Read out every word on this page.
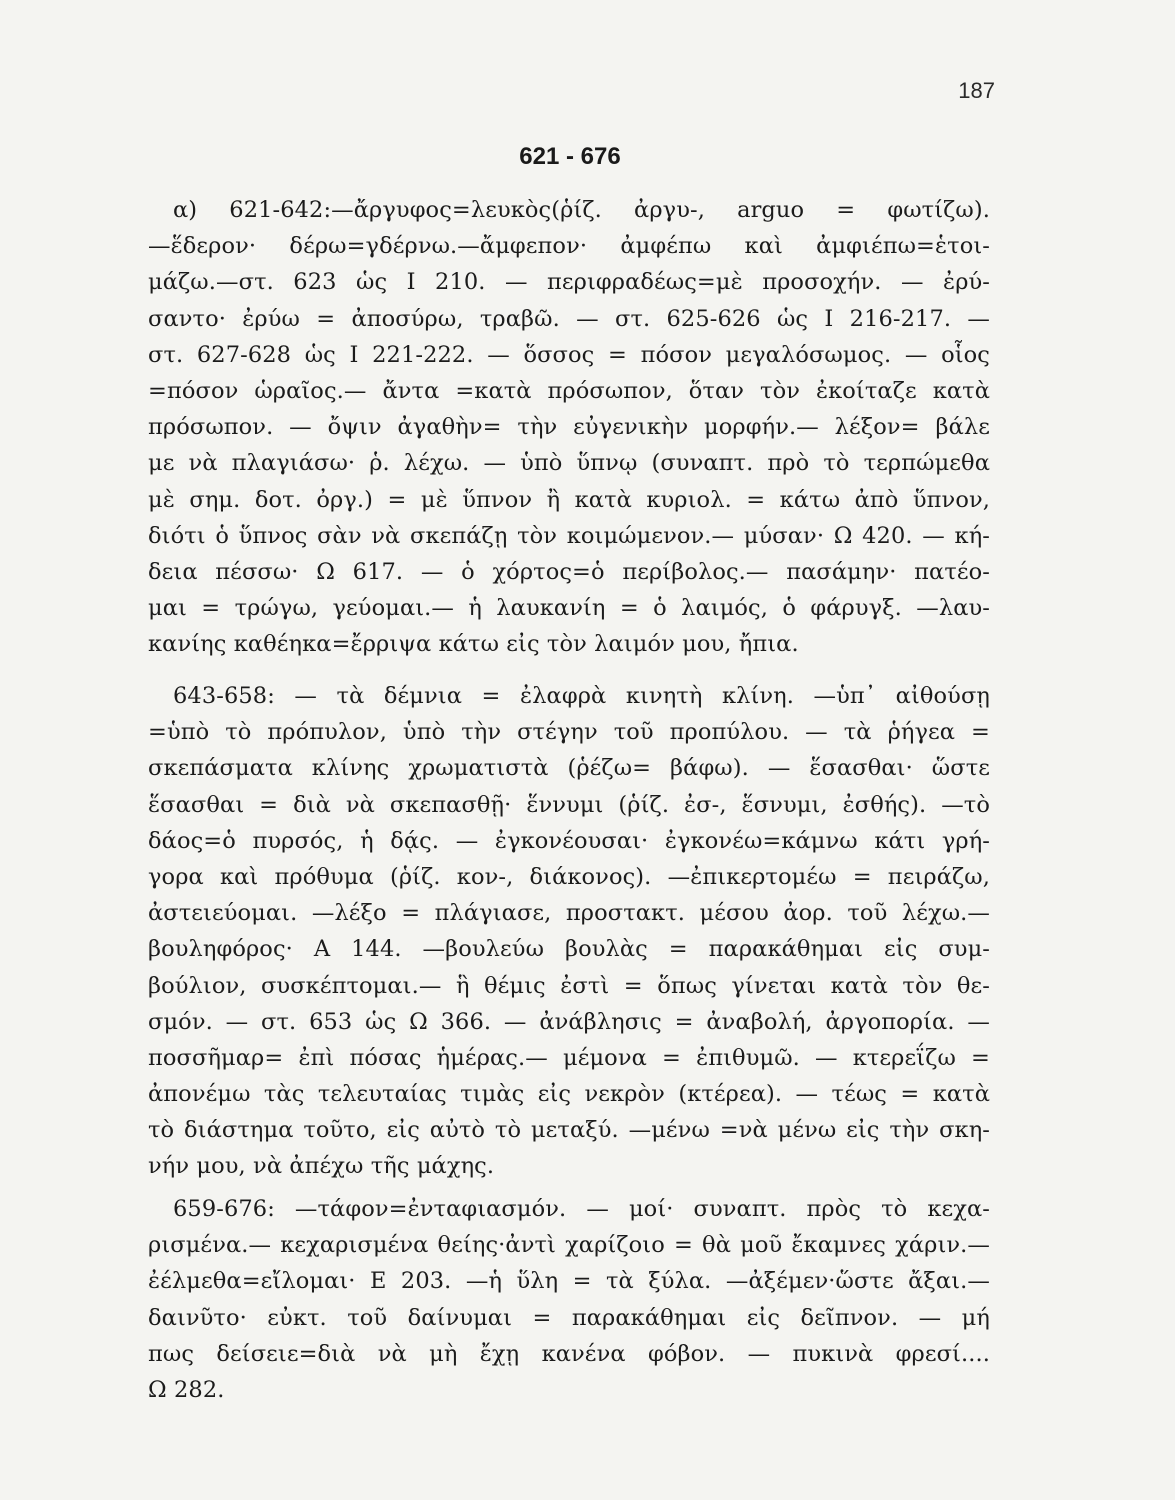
187
621 - 676
α) 621-642:—ἄργυφος=λευκὸς(ῥίζ. ἀργυ-, arguo = φωτίζω).
—ἕδερον· δέρω=γδέρνω.—ἄμφεπον· ἀμφέπω καὶ ἀμφιέπω=ἑτοι-
μάζω.—στ. 623 ὡς Ι 210. — περιφραδέως=μὲ προσοχήν. — ἐρύ-
σαντο· ἐρύω = ἀποσύρω, τραβῶ. — στ. 625-626 ὡς Ι 216-217. —
στ. 627-628 ὡς Ι 221-222. — ὅσσος = πόσον μεγαλόσωμος. — οἷος
=πόσον ὡραῖος.— ἄντα =κατὰ πρόσωπον, ὅταν τὸν ἐκοίταζε κατὰ
πρόσωπον. — ὄψιν ἀγαθὴν= τὴν εὐγενικὴν μορφήν.— λέξον= βάλε
με νὰ πλαγιάσω· ῥ. λέχω. — ὑπὸ ὕπνῳ (συναπτ. πρὸ τὸ τερπώμεθα
μὲ σημ. δοτ. ὀργ.) = μὲ ὕπνον ἢ κατὰ κυριολ. = κάτω ἀπὸ ὕπνον,
διότι ὁ ὕπνος σὰν νὰ σκεπάζῃ τὸν κοιμώμενον.— μύσαν· Ω 420. — κή-
δεια πέσσω· Ω 617. — ὁ χόρτος=ὁ περίβολος.— πασάμην· πατέο-
μαι = τρώγω, γεύομαι.— ἡ λαυκανίη = ὁ λαιμός, ὁ φάρυγξ. —λαυ-
κανίης καθέηκα=ἔρριψα κάτω εἰς τὸν λαιμόν μου, ἤπια.
643-658: — τὰ δέμνια = ἐλαφρὰ κινητὴ κλίνη. —ὑπ᾽ αἰθούσῃ
=ὑπὸ τὸ πρόπυλον, ὑπὸ τὴν στέγην τοῦ προπύλου. — τὰ ῥήγεα =
σκεπάσματα κλίνης χρωματιστὰ (ῥέζω= βάφω). — ἕσασθαι· ὥστε
ἕσασθαι = διὰ νὰ σκεπασθῇ· ἕννυμι (ῥίζ. ἐσ-, ἕσνυμι, ἐσθής). —τὸ
δάος=ὁ πυρσός, ἡ δᾴς. — ἐγκονέουσαι· ἐγκονέω=κάμνω κάτι γρή-
γορα καὶ πρόθυμα (ῥίζ. κον-, διάκονος). —ἐπικερτομέω = πειράζω,
ἀστειεύομαι. —λέξο = πλάγιασε, προστακτ. μέσου ἀορ. τοῦ λέχω.—
βουληφόρος· Α 144. —βουλεύω βουλὰς = παρακάθημαι εἰς συμ-
βούλιον, συσκέπτομαι.— ἣ θέμις ἐστὶ = ὅπως γίνεται κατὰ τὸν θε-
σμόν. — στ. 653 ὡς Ω 366. — ἀνάβλησις = ἀναβολή, ἀργοπορία. —
ποσσῆμαρ= ἐπὶ πόσας ἡμέρας.— μέμονα = ἐπιθυμῶ. — κτερεΐζω =
ἀπονέμω τὰς τελευταίας τιμὰς εἰς νεκρὸν (κτέρεα). — τέως = κατὰ
τὸ διάστημα τοῦτο, εἰς αὐτὸ τὸ μεταξύ. —μένω =νὰ μένω εἰς τὴν σκη-
νήν μου, νὰ ἀπέχω τῆς μάχης.
659-676: —τάφον=ἐνταφιασμόν. — μοί· συναπτ. πρὸς τὸ κεχα-
ρισμένα.— κεχαρισμένα θείης·ἀντὶ χαρίζοιο = θὰ μοῦ ἔκαμνες χάριν.—
ἐέλμεθα=εἴλομαι· Ε 203. —ἡ ὕλη = τὰ ξύλα. —ἀξέμεν·ὥστε ἄξαι.—
δαινῦτο· εὐκτ. τοῦ δαίνυμαι = παρακάθημαι εἰς δεῖπνον. — μή
πως δείσειε=διὰ νὰ μὴ ἔχῃ κανένα φόβον. — πυκινὰ φρεσί....
Ω 282.
